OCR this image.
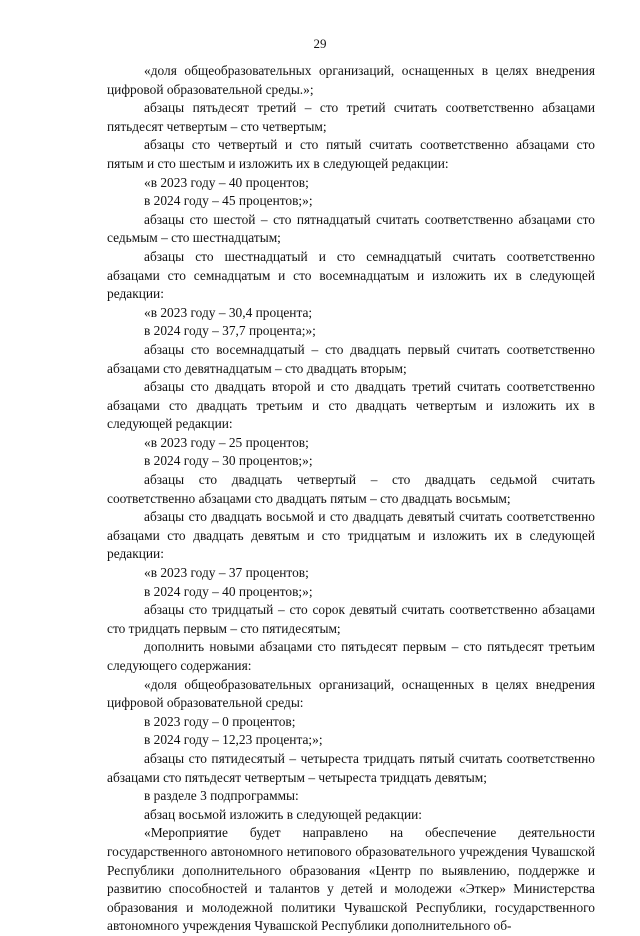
29

«доля общеобразовательных организаций, оснащенных в целях внедрения цифровой образовательной среды.»;

абзацы пятьдесят третий – сто третий считать соответственно абзацами пятьдесят четвертым – сто четвертым;

абзацы сто четвертый и сто пятый считать соответственно абзацами сто пятым и сто шестым и изложить их в следующей редакции:

«в 2023 году – 40 процентов;

в 2024 году – 45 процентов;»;

абзацы сто шестой – сто пятнадцатый считать соответственно абзацами сто седьмым – сто шестнадцатым;

абзацы сто шестнадцатый и сто семнадцатый считать соответственно абзацами сто семнадцатым и сто восемнадцатым и изложить их в следующей редакции:

«в 2023 году – 30,4 процента;

в 2024 году – 37,7 процента;»;

абзацы сто восемнадцатый – сто двадцать первый считать соответственно абзацами сто девятнадцатым – сто двадцать вторым;

абзацы сто двадцать второй и сто двадцать третий считать соответственно абзацами сто двадцать третьим и сто двадцать четвертым и изложить их в следующей редакции:

«в 2023 году – 25 процентов;

в 2024 году – 30 процентов;»;

абзацы сто двадцать четвертый – сто двадцать седьмой считать соответственно абзацами сто двадцать пятым – сто двадцать восьмым;

абзацы сто двадцать восьмой и сто двадцать девятый считать соответственно абзацами сто двадцать девятым и сто тридцатым и изложить их в следующей редакции:

«в 2023 году – 37 процентов;

в 2024 году – 40 процентов;»;

абзацы сто тридцатый – сто сорок девятый считать соответственно абзацами сто тридцать первым – сто пятидесятым;

дополнить новыми абзацами сто пятьдесят первым – сто пятьдесят третьим следующего содержания:

«доля общеобразовательных организаций, оснащенных в целях внедрения цифровой образовательной среды:

в 2023 году – 0 процентов;

в 2024 году – 12,23 процента;»;

абзацы сто пятидесятый – четыреста тридцать пятый считать соответственно абзацами сто пятьдесят четвертым – четыреста тридцать девятым;

в разделе 3 подпрограммы:

абзац восьмой изложить в следующей редакции:

«Мероприятие будет направлено на обеспечение деятельности государственного автономного нетипового образовательного учреждения Чувашской Республики дополнительного образования «Центр по выявлению, поддержке и развитию способностей и талантов у детей и молодежи «Эткер» Министерства образования и молодежной политики Чувашской Республики, государственного автономного учреждения Чувашской Республики дополнительного об-
